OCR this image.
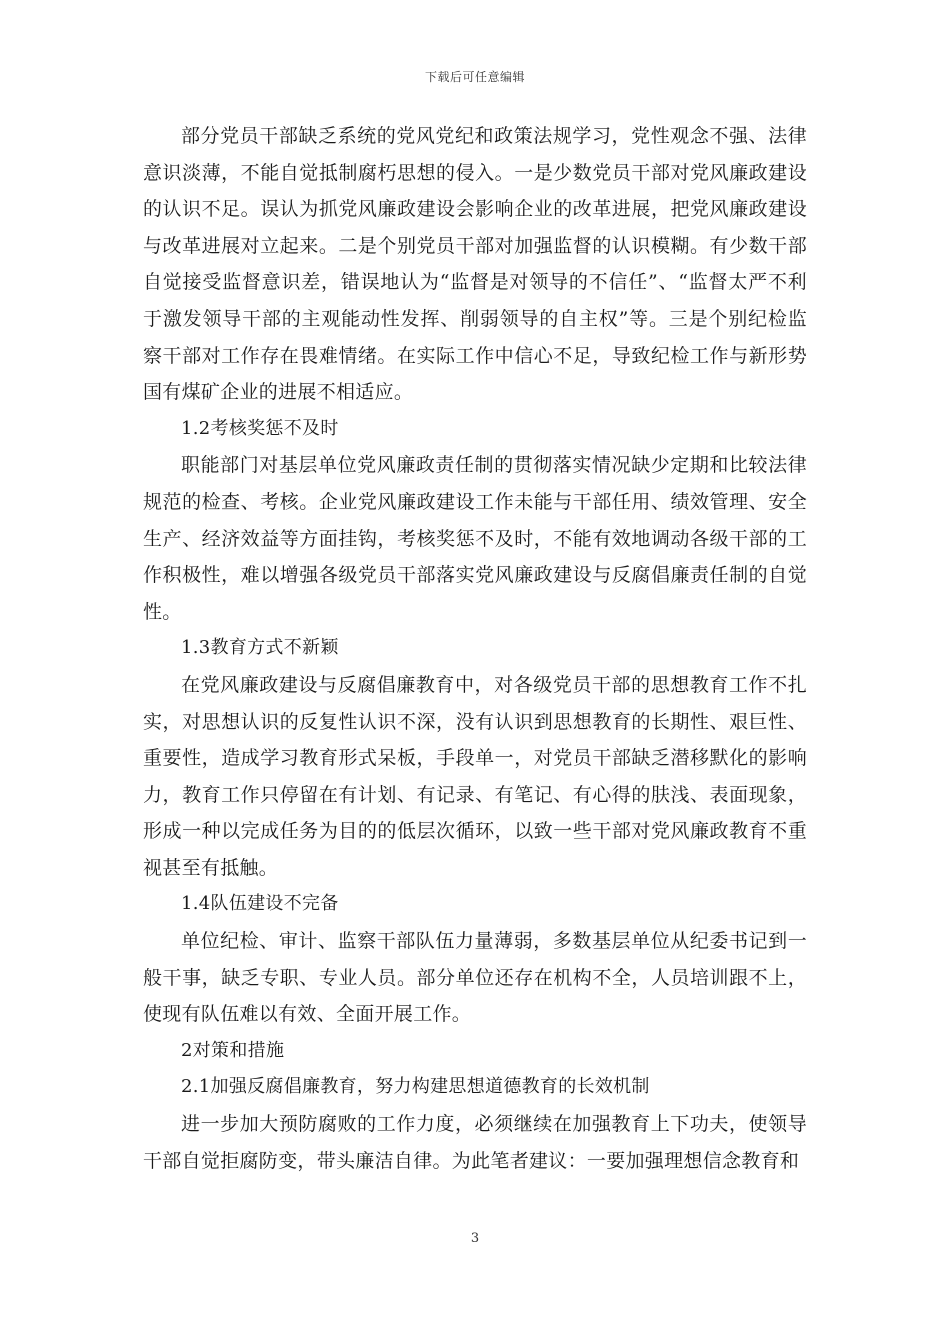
下载后可任意编辑

部分党员干部缺乏系统的党风党纪和政策法规学习，党性观念不强、法律意识淡薄，不能自觉抵制腐朽思想的侵入。一是少数党员干部对党风廉政建设的认识不足。误认为抓党风廉政建设会影响企业的改革进展，把党风廉政建设与改革进展对立起来。二是个别党员干部对加强监督的认识模糊。有少数干部自觉接受监督意识差，错误地认为“监督是对领导的不信任”、“监督太严不利于激发领导干部的主观能动性发挥、削弱领导的自主权”等。三是个别纪检监察干部对工作存在畏难情绪。在实际工作中信心不足，导致纪检工作与新形势国有煤矿企业的进展不相适应。

1.2考核奖惩不及时

职能部门对基层单位党风廉政责任制的贯彻落实情况缺少定期和比较法律规范的检查、考核。企业党风廉政建设工作未能与干部任用、绩效管理、安全生产、经济效益等方面挂钩，考核奖惩不及时，不能有效地调动各级干部的工作积极性，难以增强各级党员干部落实党风廉政建设与反腐倡廉责任制的自觉性。

1.3教育方式不新颖

在党风廉政建设与反腐倡廉教育中，对各级党员干部的思想教育工作不扎实，对思想认识的反复性认识不深，没有认识到思想教育的长期性、艰巨性、重要性，造成学习教育形式呆板，手段单一，对党员干部缺乏潜移默化的影响力，教育工作只停留在有计划、有记录、有笔记、有心得的肤浅、表面现象，形成一种以完成任务为目的的低层次循环，以致一些干部对党风廉政教育不重视甚至有抵触。

1.4队伍建设不完备

单位纪检、审计、监察干部队伍力量薄弱，多数基层单位从纪委书记到一般干事，缺乏专职、专业人员。部分单位还存在机构不全，人员培训跟不上，使现有队伍难以有效、全面开展工作。

2对策和措施

2.1加强反腐倡廉教育，努力构建思想道德教育的长效机制

进一步加大预防腐败的工作力度，必须继续在加强教育上下功夫，使领导干部自觉拒腐防变，带头廉洁自律。为此笔者建议：一要加强理想信念教育和

3
